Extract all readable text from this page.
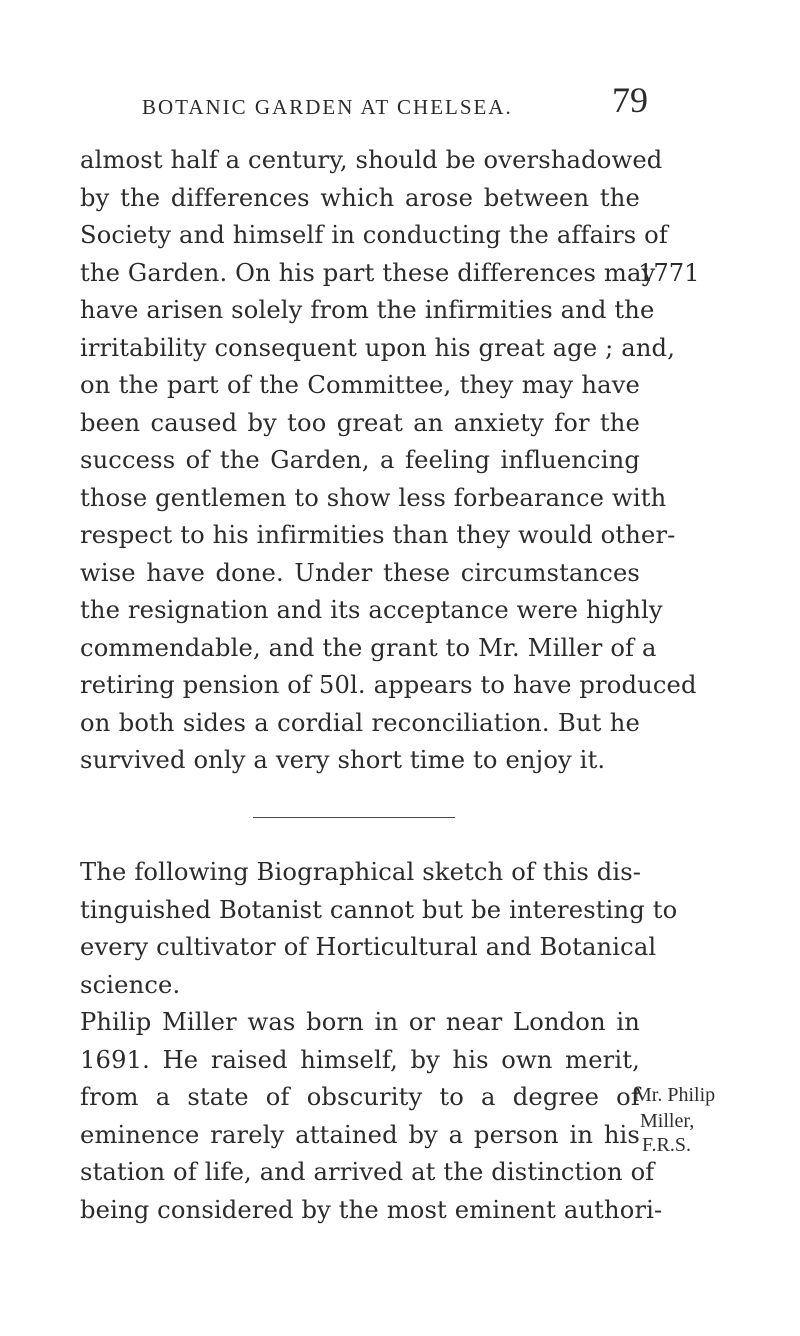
BOTANIC GARDEN AT CHELSEA.	79
almost half a century, should be overshadowed
by the differences which arose between the
Society and himself in conducting the affairs of
the Garden. On his part these differences may
have arisen solely from the infirmities and the
irritability consequent upon his great age ; and,
on the part of the Committee, they may have
been caused by too great an anxiety for the
success of the Garden, a feeling influencing
those gentlemen to show less forbearance with
respect to his infirmities than they would other-
wise have done. Under these circumstances
the resignation and its acceptance were highly
commendable, and the grant to Mr. Miller of a
retiring pension of 50l. appears to have produced
on both sides a cordial reconciliation. But he
survived only a very short time to enjoy it.
1771
The following Biographical sketch of this dis-
tinguished Botanist cannot but be interesting to
every cultivator of Horticultural and Botanical
science.
Philip Miller was born in or near London in
1691. He raised himself, by his own merit,
from a state of obscurity to a degree of
eminence rarely attained by a person in his
station of life, and arrived at the distinction of
being considered by the most eminent authori-
Mr. Philip
Miller,
F.R.S.
